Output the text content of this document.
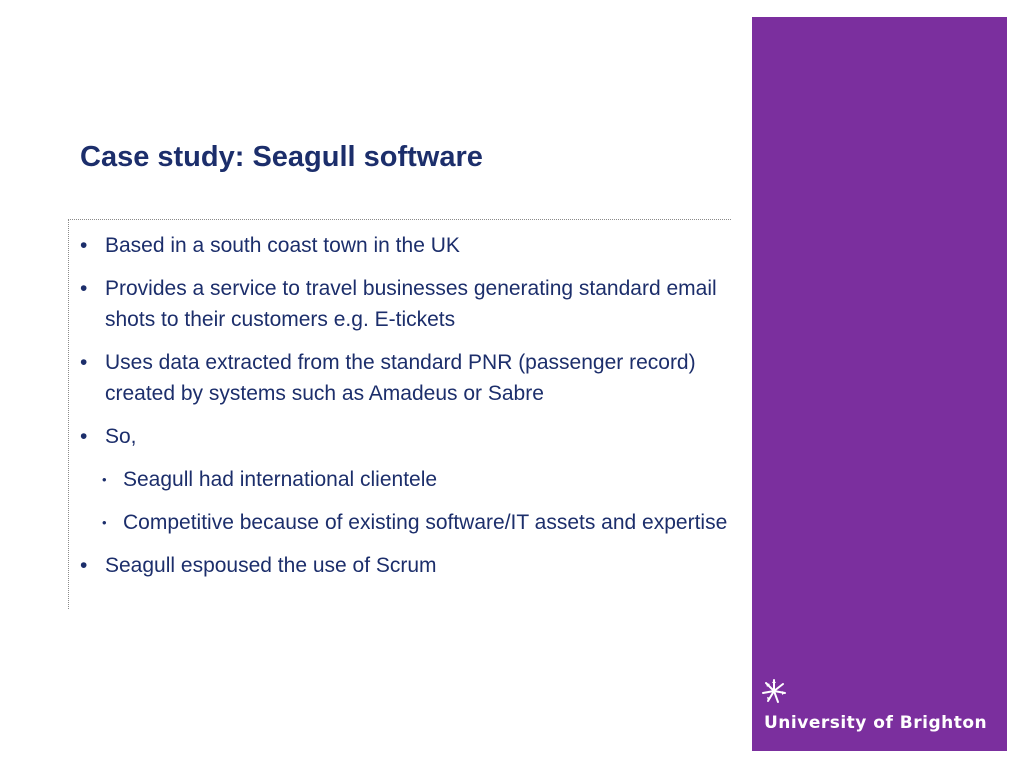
Case study: Seagull software
• Based in a south coast town in the UK
• Provides a service to travel businesses generating standard email shots to their customers e.g. E-tickets
• Uses data extracted from the standard PNR (passenger record) created by systems such as Amadeus or Sabre
• So,
• Seagull had international clientele
• Competitive because of existing software/IT assets and expertise
• Seagull espoused the use of Scrum
University of Brighton
